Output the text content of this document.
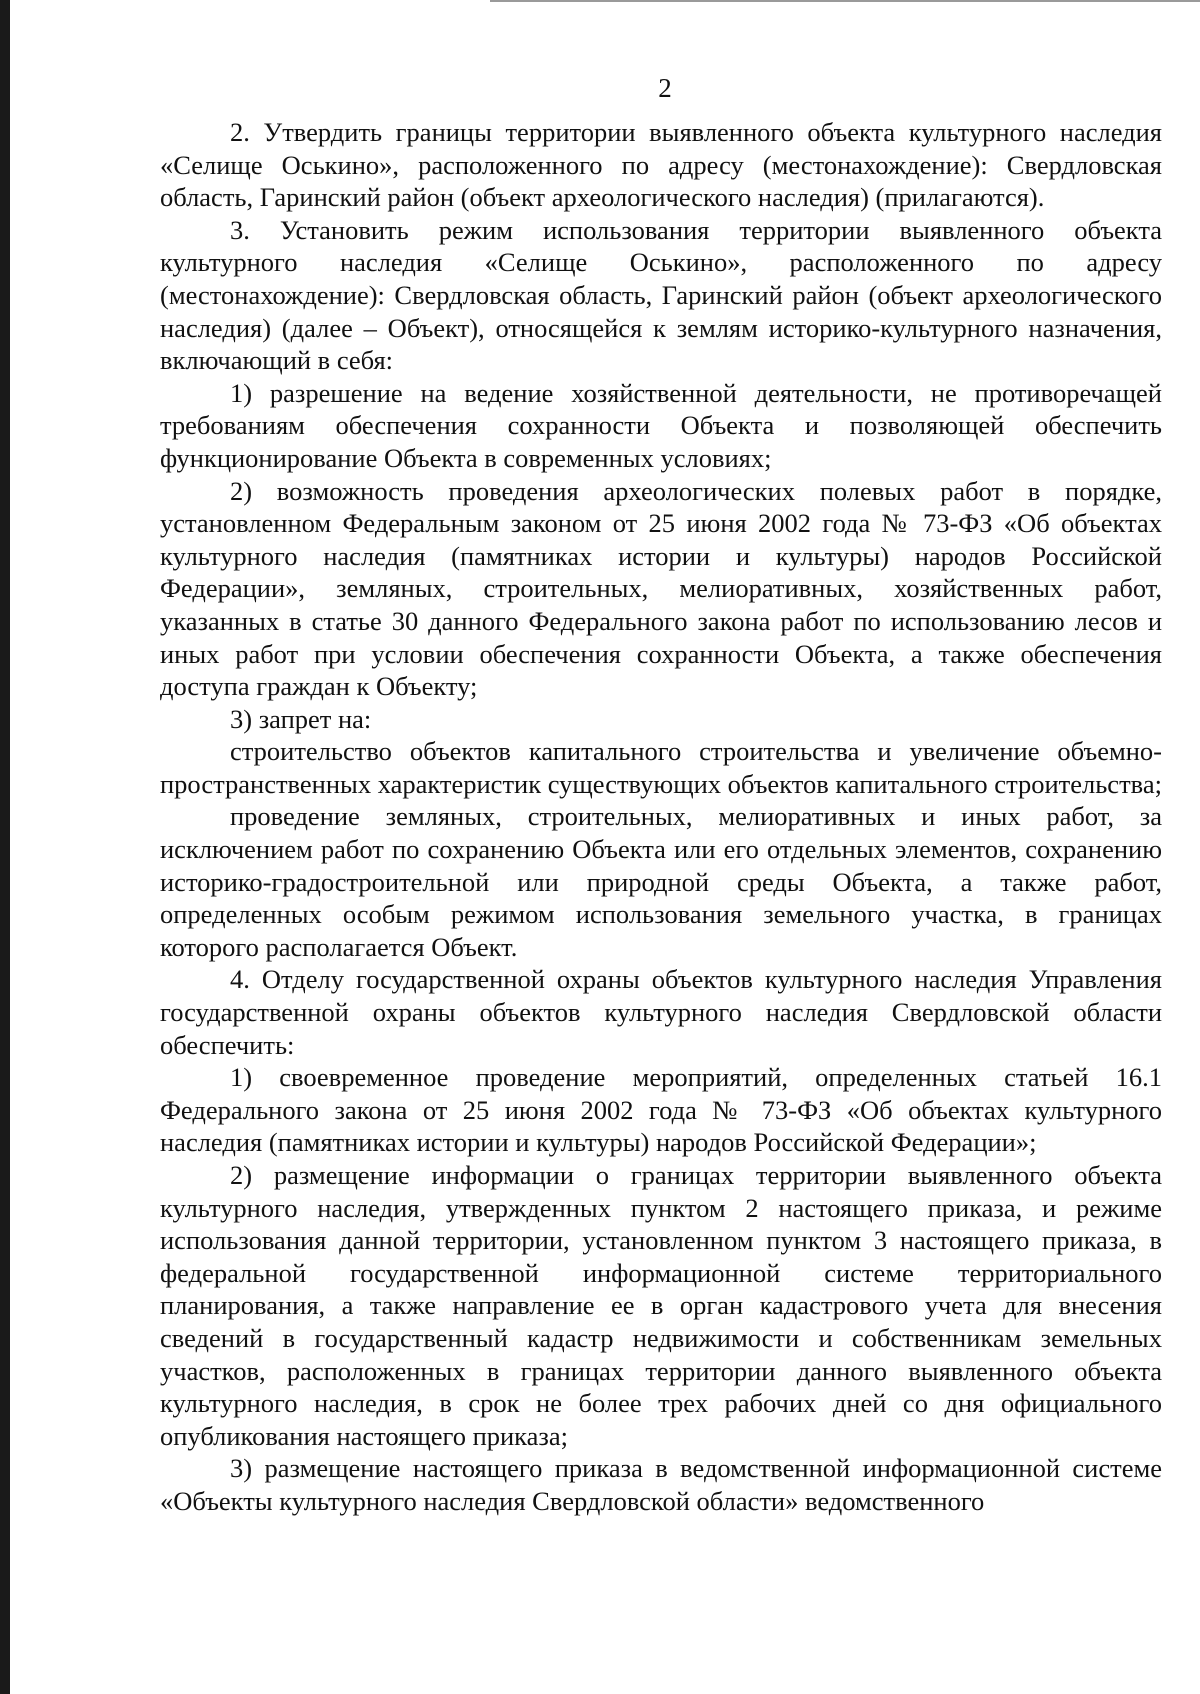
2

2. Утвердить границы территории выявленного объекта культурного наследия «Селище Оськино», расположенного по адресу (местонахождение): Свердловская область, Гаринский район (объект археологического наследия) (прилагаются).

3. Установить режим использования территории выявленного объекта культурного наследия «Селище Оськино», расположенного по адресу (местонахождение): Свердловская область, Гаринский район (объект археологического наследия) (далее – Объект), относящейся к землям историко-культурного назначения, включающий в себя:

1) разрешение на ведение хозяйственной деятельности, не противоречащей требованиям обеспечения сохранности Объекта и позволяющей обеспечить функционирование Объекта в современных условиях;

2) возможность проведения археологических полевых работ в порядке, установленном Федеральным законом от 25 июня 2002 года № 73-ФЗ «Об объектах культурного наследия (памятниках истории и культуры) народов Российской Федерации», земляных, строительных, мелиоративных, хозяйственных работ, указанных в статье 30 данного Федерального закона работ по использованию лесов и иных работ при условии обеспечения сохранности Объекта, а также обеспечения доступа граждан к Объекту;

3) запрет на:

строительство объектов капитального строительства и увеличение объемно-пространственных характеристик существующих объектов капитального строительства;

проведение земляных, строительных, мелиоративных и иных работ, за исключением работ по сохранению Объекта или его отдельных элементов, сохранению историко-градостроительной или природной среды Объекта, а также работ, определенных особым режимом использования земельного участка, в границах которого располагается Объект.

4. Отделу государственной охраны объектов культурного наследия Управления государственной охраны объектов культурного наследия Свердловской области обеспечить:

1) своевременное проведение мероприятий, определенных статьей 16.1 Федерального закона от 25 июня 2002 года № 73-ФЗ «Об объектах культурного наследия (памятниках истории и культуры) народов Российской Федерации»;

2) размещение информации о границах территории выявленного объекта культурного наследия, утвержденных пунктом 2 настоящего приказа, и режиме использования данной территории, установленном пунктом 3 настоящего приказа, в федеральной государственной информационной системе территориального планирования, а также направление ее в орган кадастрового учета для внесения сведений в государственный кадастр недвижимости и собственникам земельных участков, расположенных в границах территории данного выявленного объекта культурного наследия, в срок не более трех рабочих дней со дня официального опубликования настоящего приказа;

3) размещение настоящего приказа в ведомственной информационной системе «Объекты культурного наследия Свердловской области» ведомственного
